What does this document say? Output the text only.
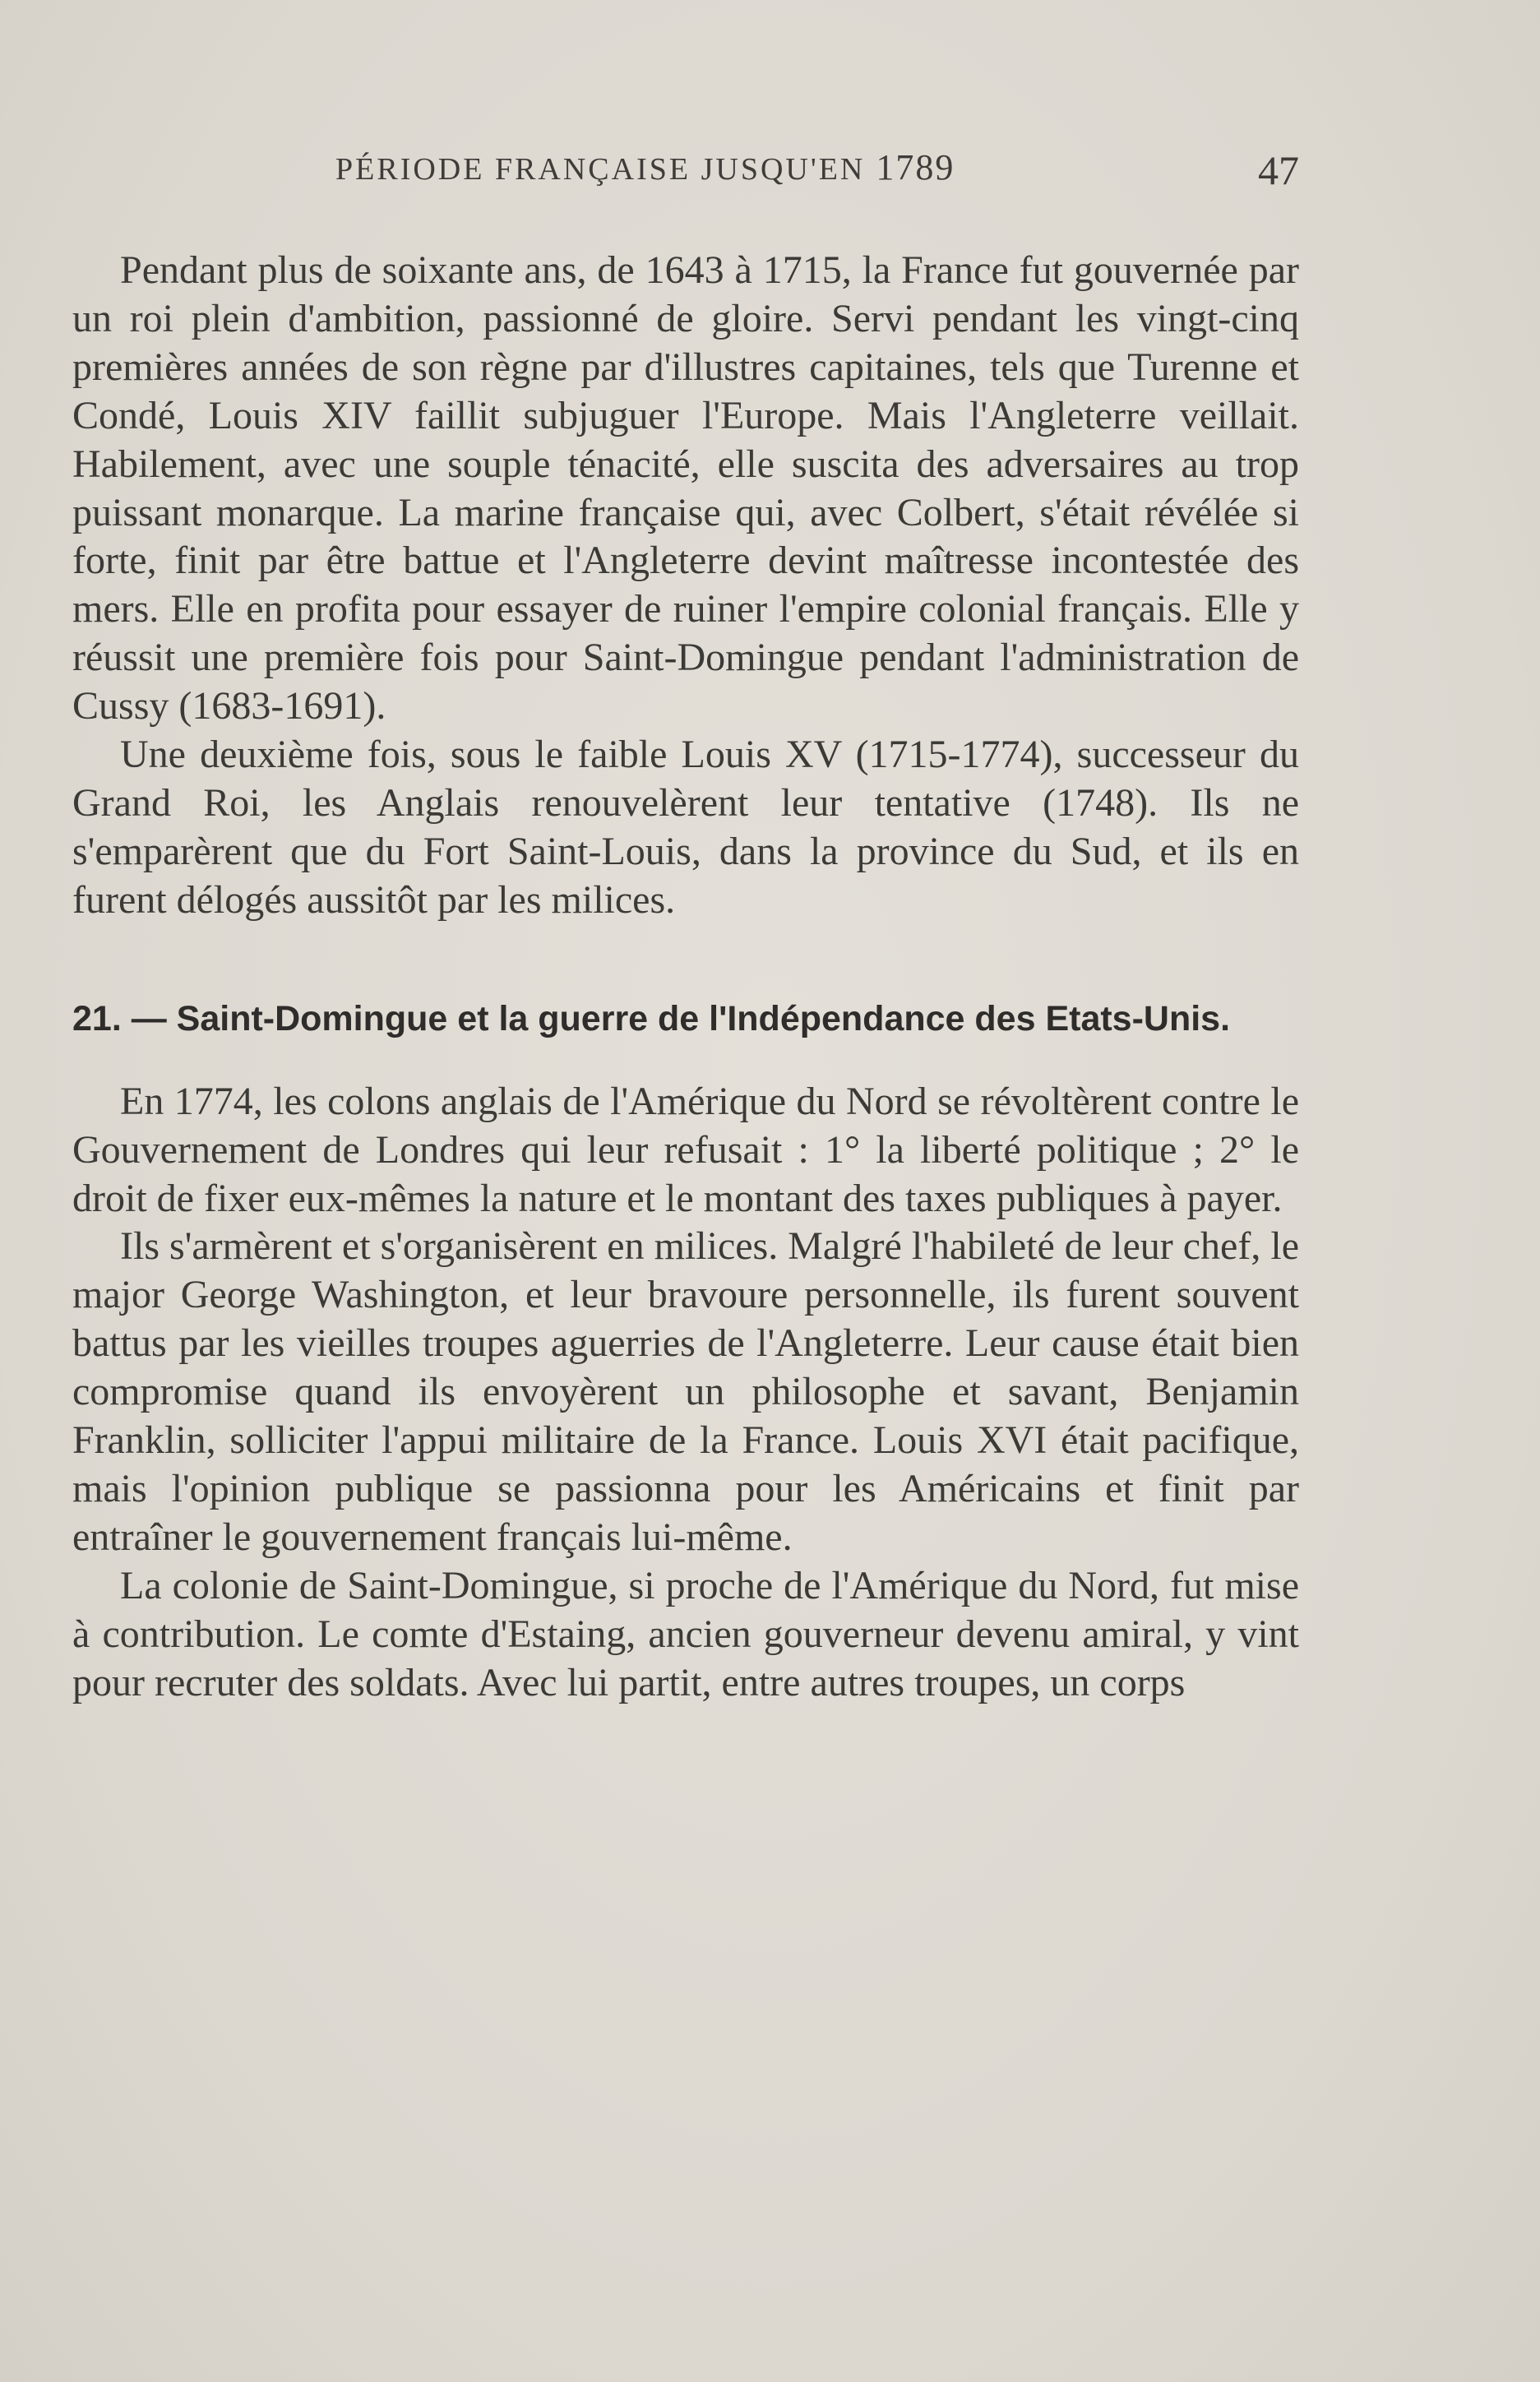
PÉRIODE FRANÇAISE JUSQU'EN 1789	47

Pendant plus de soixante ans, de 1643 à 1715, la France fut gouvernée par un roi plein d'ambition, passionné de gloire. Servi pendant les vingt-cinq premières années de son règne par d'illustres capitaines, tels que Turenne et Condé, Louis XIV faillit subjuguer l'Europe. Mais l'Angleterre veillait. Habilement, avec une souple ténacité, elle suscita des adversaires au trop puissant monarque. La marine française qui, avec Colbert, s'était révélée si forte, finit par être battue et l'Angleterre devint maîtresse incontestée des mers. Elle en profita pour essayer de ruiner l'empire colonial français. Elle y réussit une première fois pour Saint-Domingue pendant l'administration de Cussy (1683-1691).

Une deuxième fois, sous le faible Louis XV (1715-1774), successeur du Grand Roi, les Anglais renouvelèrent leur tentative (1748). Ils ne s'emparèrent que du Fort Saint-Louis, dans la province du Sud, et ils en furent délogés aussitôt par les milices.

21. — Saint-Domingue et la guerre de l'Indépendance des Etats-Unis.

En 1774, les colons anglais de l'Amérique du Nord se révoltèrent contre le Gouvernement de Londres qui leur refusait : 1° la liberté politique ; 2° le droit de fixer eux-mêmes la nature et le montant des taxes publiques à payer.

Ils s'armèrent et s'organisèrent en milices. Malgré l'habileté de leur chef, le major George Washington, et leur bravoure personnelle, ils furent souvent battus par les vieilles troupes aguerries de l'Angleterre. Leur cause était bien compromise quand ils envoyèrent un philosophe et savant, Benjamin Franklin, solliciter l'appui militaire de la France. Louis XVI était pacifique, mais l'opinion publique se passionna pour les Américains et finit par entraîner le gouvernement français lui-même.

La colonie de Saint-Domingue, si proche de l'Amérique du Nord, fut mise à contribution. Le comte d'Estaing, ancien gouverneur devenu amiral, y vint pour recruter des soldats. Avec lui partit, entre autres troupes, un corps
